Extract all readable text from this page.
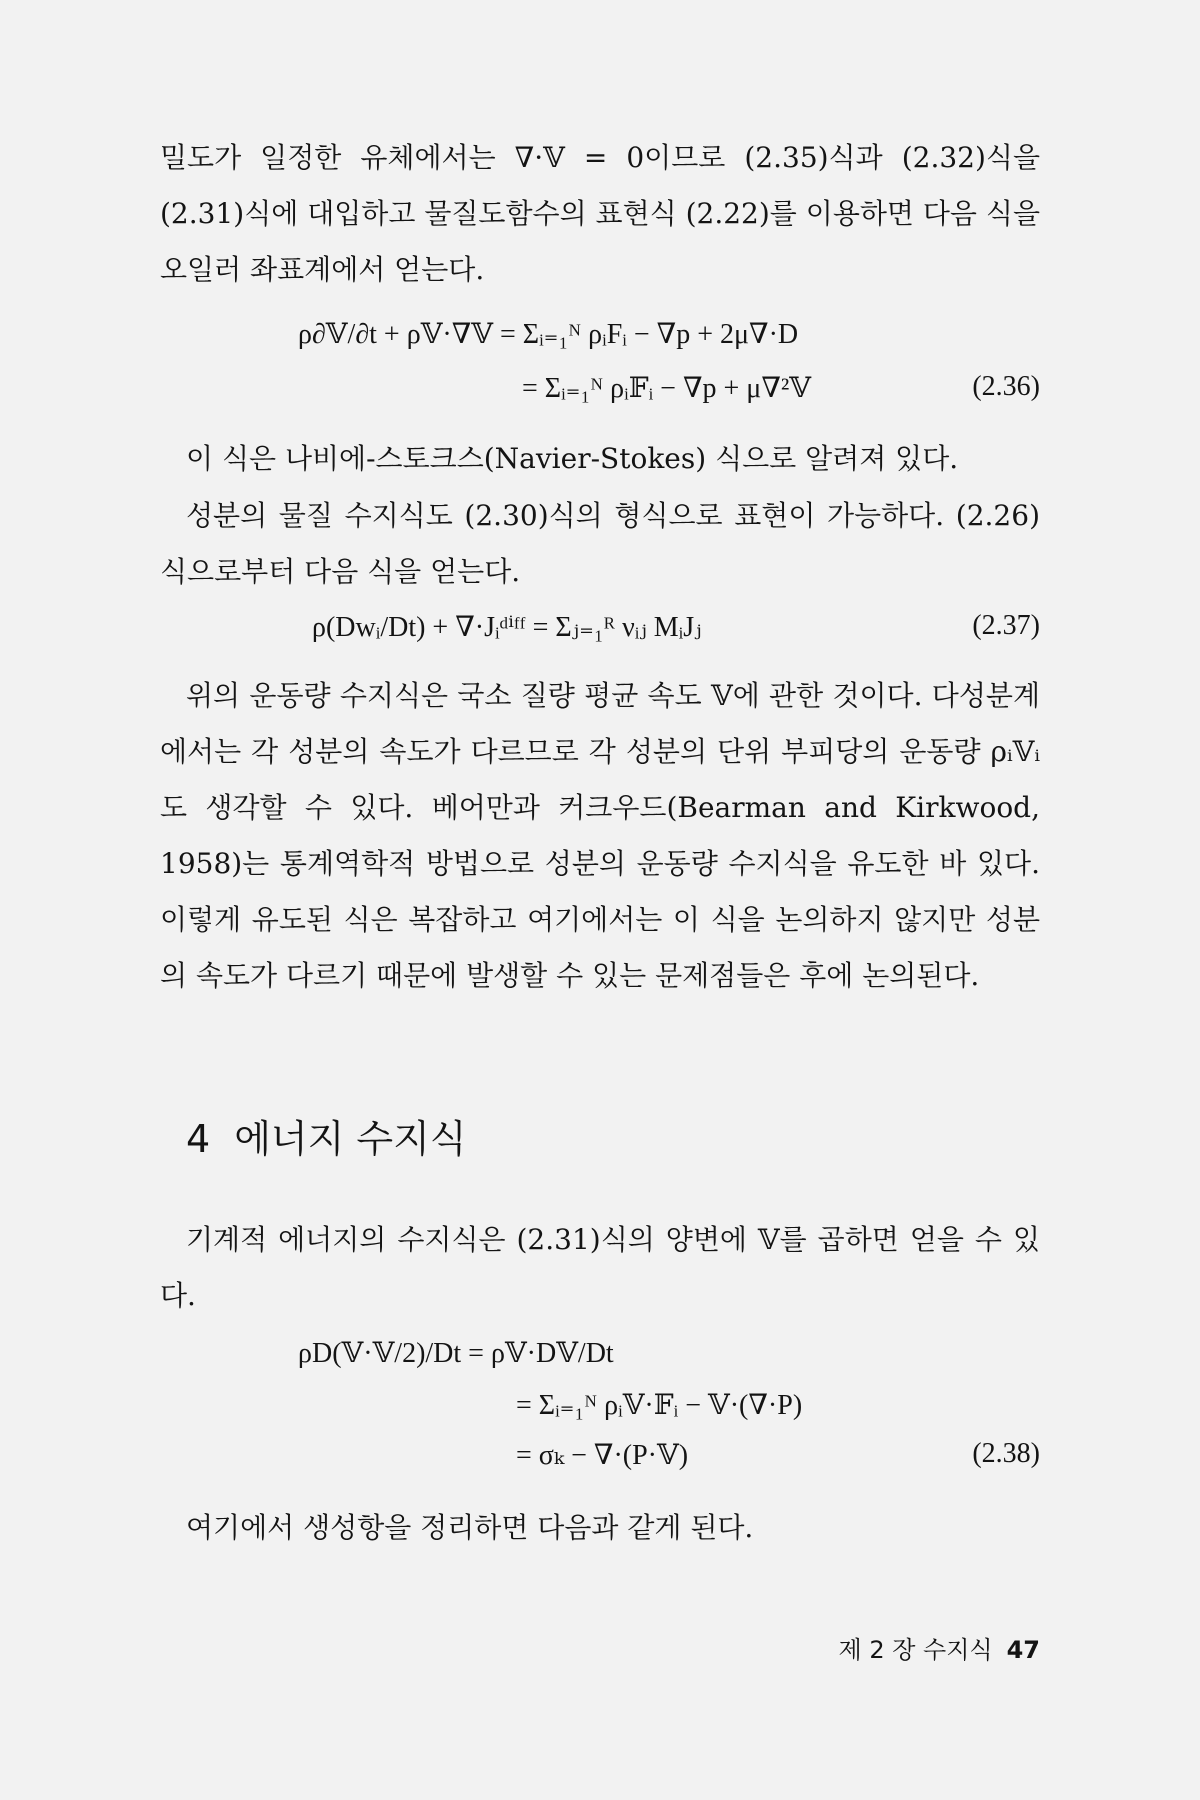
밀도가 일정한 유체에서는 ∇·𝕍 = 0이므로 (2.35)식과 (2.32)식을 (2.31)식에 대입하고 물질도함수의 표현식 (2.22)를 이용하면 다음 식을 오일러 좌표계에서 얻는다.

ρ∂𝕍/∂t + ρ𝕍·∇𝕍 = Σᵢ₌₁ᴺ ρᵢFᵢ − ∇p + 2μ∇·D
= Σᵢ₌₁ᴺ ρᵢ𝔽ᵢ − ∇p + μ∇²𝕍	(2.36)

이 식은 나비에-스토크스(Navier-Stokes) 식으로 알려져 있다.

성분의 물질 수지식도 (2.30)식의 형식으로 표현이 가능하다. (2.26)식으로부터 다음 식을 얻는다.

ρ(Dwᵢ/Dt) + ∇·Jᵢᵈⁱᶠᶠ = Σⱼ₌₁ᴿ νᵢⱼ MᵢJⱼ	(2.37)

위의 운동량 수지식은 국소 질량 평균 속도 𝕍에 관한 것이다. 다성분계에서는 각 성분의 속도가 다르므로 각 성분의 단위 부피당의 운동량 ρᵢ𝕍ᵢ도 생각할 수 있다. 베어만과 커크우드(Bearman and Kirkwood, 1958)는 통계역학적 방법으로 성분의 운동량 수지식을 유도한 바 있다. 이렇게 유도된 식은 복잡하고 여기에서는 이 식을 논의하지 않지만 성분의 속도가 다르기 때문에 발생할 수 있는 문제점들은 후에 논의된다.

4 에너지 수지식

기계적 에너지의 수지식은 (2.31)식의 양변에 𝕍를 곱하면 얻을 수 있다.

ρD(𝕍·𝕍/2)/Dt = ρ𝕍·D𝕍/Dt
= Σᵢ₌₁ᴺ ρᵢ𝕍·𝔽ᵢ − 𝕍·(∇·P)
= σₖ − ∇·(P·𝕍)	(2.38)

여기에서 생성항을 정리하면 다음과 같게 된다.

제 2 장 수지식 47
